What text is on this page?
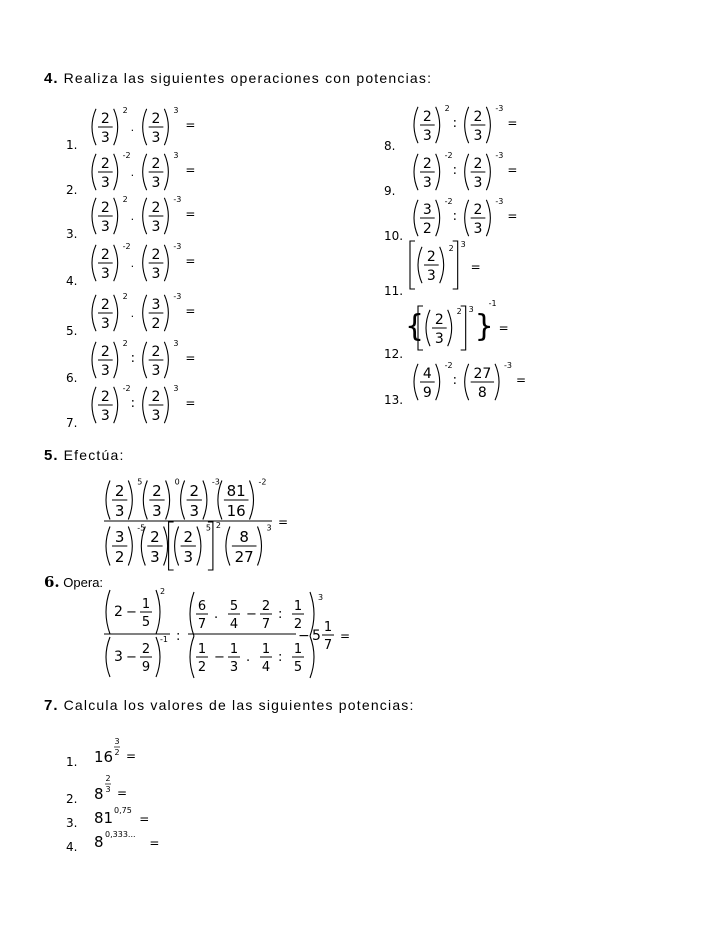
4. Realiza las siguientes operaciones con potencias:
1.
2
3
2
.
2
3
3
=
2.
2
3
-2
.
2
3
3
=
3.
2
3
2
.
2
3
-3
=
4.
2
3
-2
.
2
3
-3
=
5.
2
3
2
.
3
2
-3
=
6.
2
3
2
: 2
3
3
=
7.
2
3
-2
: 2
3
3
=
8.
2
3
2
: 2
3
-3
=
9.
2
3
-2
: 2
3
-3
=
10.
3
2
-2
: 2
3
-3
=
11.
2
3
2 3
=
12.
{ 2
3
2 3 }
-1
=
13.
4
9
-2
: 27
8
-3
=
2
3
5 2
3
0 2
3
-3 81
16
-2
=
3
2
-5 2
3
2
3
5 2
8
27
3
2 −
1
5
2
3 −
2
9
-1 :
6
7
.
5
4
−
2
7
:
1
2
3
1
2
−
1
3
.
1
4
:
1
5
− 5
1
7
=
1. 16
3
2 =
2. 8
2
3 =
3. 81 0,75
=
4. 8 0,333...
=
5. Efectúa:
6. Opera:
7. Calcula los valores de las siguientes potencias:
